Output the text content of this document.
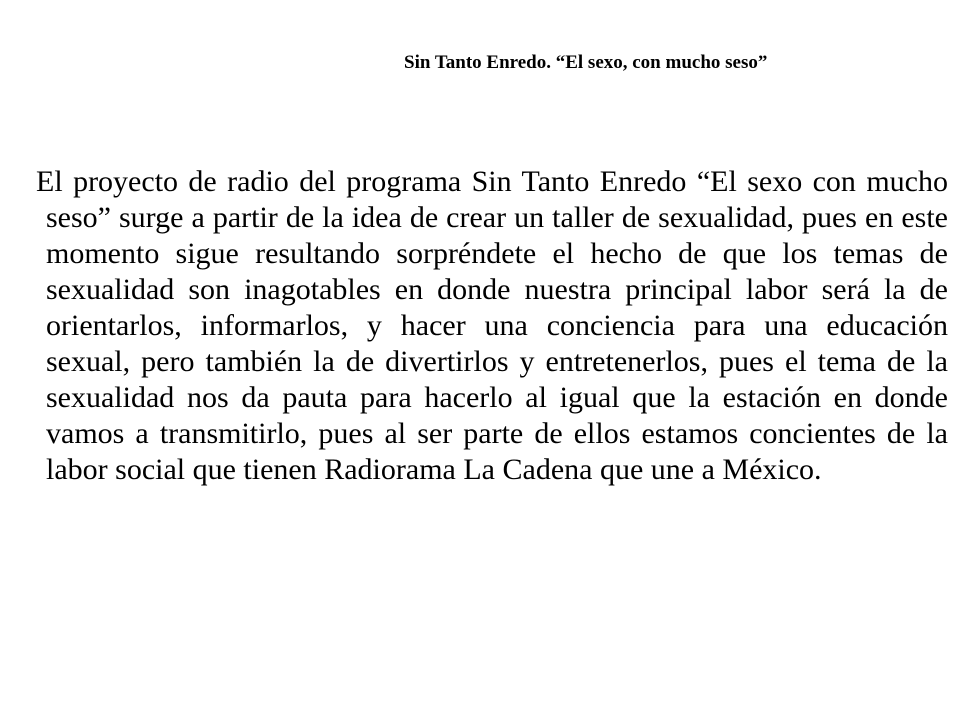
Sin Tanto Enredo. “El sexo, con mucho seso”

El proyecto de radio del programa Sin Tanto Enredo “El sexo con mucho seso” surge a partir de la idea de crear un taller de sexualidad, pues en este momento sigue resultando sorpréndete el hecho de que los temas de sexualidad son inagotables en donde nuestra principal labor será la de orientarlos, informarlos, y hacer una conciencia para una educación sexual, pero también la de divertirlos y entretenerlos, pues el tema de la sexualidad nos da pauta para hacerlo al igual que la estación en donde vamos a transmitirlo, pues al ser parte de ellos estamos concientes de la labor social que tienen Radiorama La Cadena que une a México.
